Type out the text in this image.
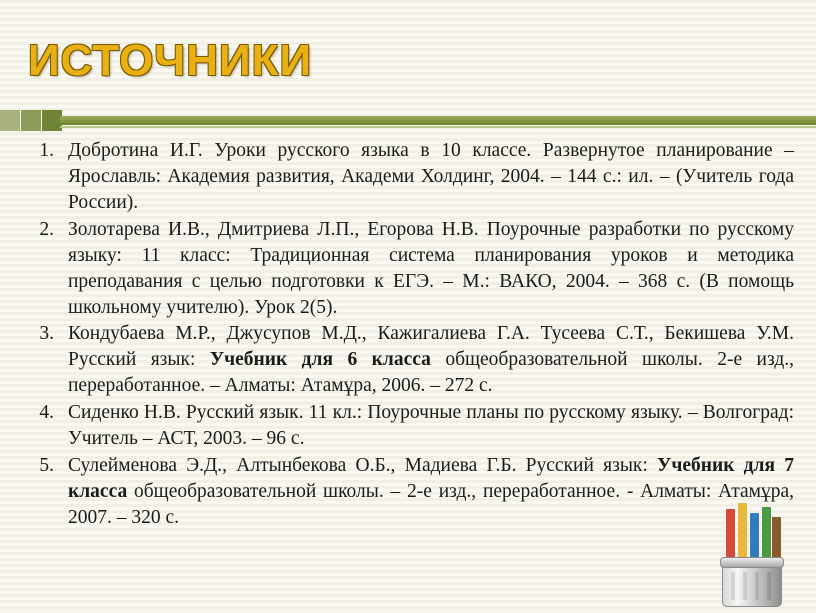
ИСТОЧНИКИ
1. Добротина И.Г. Уроки русского языка в 10 классе. Развернутое планирование – Ярославль: Академия развития, Академи Холдинг, 2004. – 144 с.: ил. – (Учитель года России).
2. Золотарева И.В., Дмитриева Л.П., Егорова Н.В. Поурочные разработки по русскому языку: 11 класс: Традиционная система планирования уроков и методика преподавания с целью подготовки к ЕГЭ. – М.: ВАКО, 2004. – 368 с. (В помощь школьному учителю). Урок 2(5).
3. Кондубаева М.Р., Джусупов М.Д., Кажигалиева Г.А. Тусеева С.Т., Бекишева У.М. Русский язык: Учебник для 6 класса общеобразовательной школы. 2-е изд., переработанное. – Алматы: Атамұра, 2006. – 272 с.
4. Сиденко Н.В. Русский язык. 11 кл.: Поурочные планы по русскому языку. – Волгоград: Учитель – АСТ, 2003. – 96 с.
5. Сулейменова Э.Д., Алтынбекова О.Б., Мадиева Г.Б. Русский язык: Учебник для 7 класса общеобразовательной школы. – 2-е изд., переработанное. - Алматы: Атамұра, 2007. – 320 с.
